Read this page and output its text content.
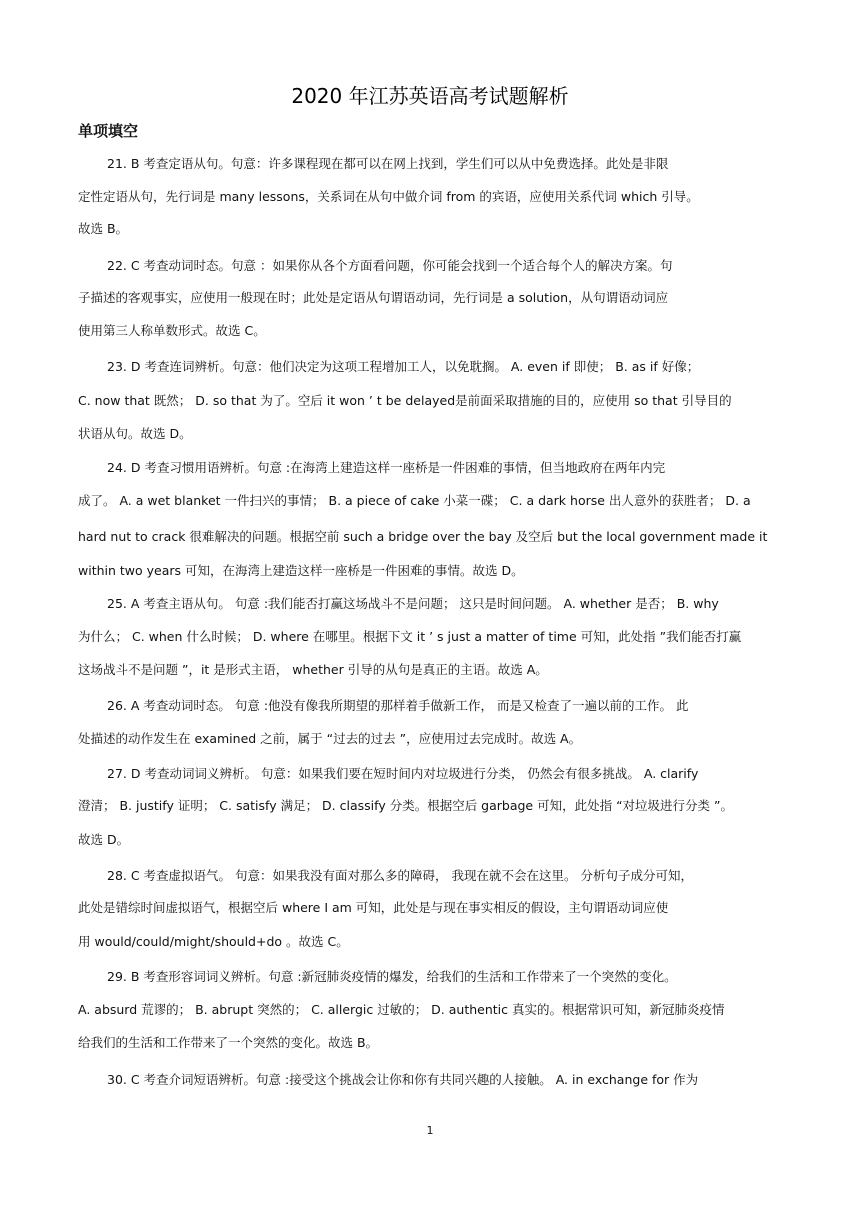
2020 年江苏英语高考试题解析
单项填空
21. B 考查定语从句。句意：许多课程现在都可以在网上找到，学生们可以从中免费选择。此处是非限
定性定语从句，先行词是 many lessons，关系词在从句中做介词 from 的宾语，应使用关系代词 which 引导。
故选 B。
22. C 考查动词时态。句意 ：如果你从各个方面看问题，你可能会找到一个适合每个人的解决方案。句
子描述的客观事实，应使用一般现在时；此处是定语从句谓语动词，先行词是 a solution，从句谓语动词应
使用第三人称单数形式。故选 C。
23. D 考查连词辨析。句意：他们决定为这项工程增加工人，以免耽搁。 A. even if 即使； B. as if 好像；
C. now that 既然； D. so that 为了。空后 it won ’ t be delayed是前面采取措施的目的，应使用 so that 引导目的
状语从句。故选 D。
24. D 考查习惯用语辨析。句意 :在海湾上建造这样一座桥是一件困难的事情，但当地政府在两年内完
成了。 A. a wet blanket 一件扫兴的事情； B. a piece of cake 小菜一碟； C. a dark horse 出人意外的获胜者； D. a
hard nut to crack 很难解决的问题。根据空前 such a bridge over the bay 及空后 but the local government made it
within two years 可知，在海湾上建造这样一座桥是一件困难的事情。故选 D。
25. A 考查主语从句。 句意 :我们能否打赢这场战斗不是问题； 这只是时间问题。 A. whether 是否； B. why
为什么； C. when 什么时候； D. where 在哪里。根据下文 it ’ s just a matter of time 可知，此处指 ”我们能否打赢
这场战斗不是问题 ”，it 是形式主语， whether 引导的从句是真正的主语。故选 A。
26. A 考查动词时态。 句意 :他没有像我所期望的那样着手做新工作， 而是又检查了一遍以前的工作。 此
处描述的动作发生在 examined 之前，属于 “过去的过去 ”，应使用过去完成时。故选 A。
27. D 考查动词词义辨析。 句意：如果我们要在短时间内对垃圾进行分类， 仍然会有很多挑战。 A. clarify
澄清； B. justify 证明； C. satisfy 满足； D. classify 分类。根据空后 garbage 可知，此处指 “对垃圾进行分类 ”。
故选 D。
28. C 考查虚拟语气。 句意：如果我没有面对那么多的障碍， 我现在就不会在这里。 分析句子成分可知，
此处是错综时间虚拟语气，根据空后 where I am 可知，此处是与现在事实相反的假设，主句谓语动词应使
用 would/could/might/should+do 。故选 C。
29. B 考查形容词词义辨析。句意 :新冠肺炎疫情的爆发，给我们的生活和工作带来了一个突然的变化。
A. absurd 荒谬的； B. abrupt 突然的； C. allergic 过敏的； D. authentic 真实的。根据常识可知，新冠肺炎疫情
给我们的生活和工作带来了一个突然的变化。故选 B。
30. C 考查介词短语辨析。句意 :接受这个挑战会让你和你有共同兴趣的人接触。 A. in exchange for 作为
1
